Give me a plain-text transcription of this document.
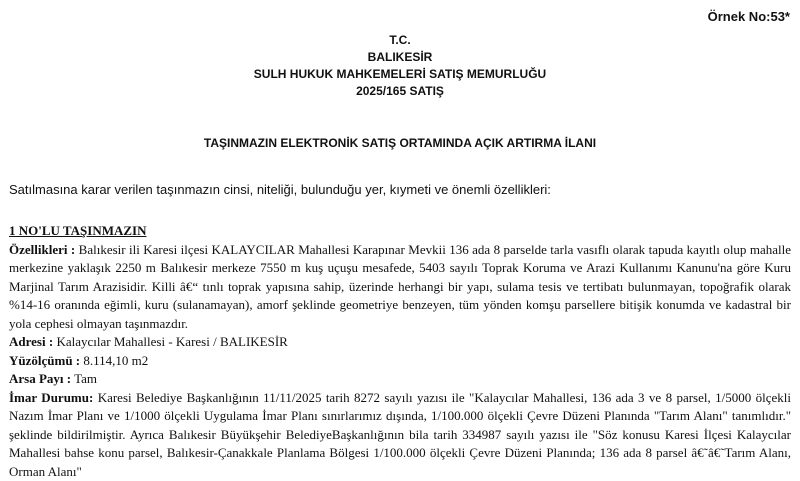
Örnek No:53*
T.C.
BALIKESİR
SULH HUKUK MAHKEMELERİ SATIŞ MEMURLUĞU
2025/165 SATIŞ
TAŞINMAZIN ELEKTRONİK SATIŞ ORTAMINDA AÇIK ARTIRMA İLANI
Satılmasına karar verilen taşınmazın cinsi, niteliği, bulunduğu yer, kıymeti ve önemli özellikleri:

1 NO'LU TAŞINMAZIN

Özellikleri : Balıkesir ili Karesi ilçesi KALAYCILAR Mahallesi Karapınar Mevkii 136 ada 8 parselde tarla vasıflı olarak tapuda kayıtlı olup mahalle merkezine yaklaşık 2250 m Balıkesir merkeze 7550 m kuş uçuşu mesafede, 5403 sayılı Toprak Koruma ve Arazi Kullanımı Kanunu'na göre Kuru Marjinal Tarım Arazisidir. Killi â€“ tınlı toprak yapısına sahip, üzerinde herhangi bir yapı, sulama tesis ve tertibatı bulunmayan, topoğrafik olarak %14-16 oranında eğimli, kuru (sulanamayan), amorf şeklinde geometriye benzeyen, tüm yönden komşu parsellere bitişik konumda ve kadastral bir yola cephesi olmayan taşınmazdır.

Adresi : Kalaycılar Mahallesi - Karesi / BALIKESİR

Yüzölçümü : 8.114,10 m2

Arsa Payı : Tam

İmar Durumu: Karesi Belediye Başkanlığının 11/11/2025 tarih 8272 sayılı yazısı ile "Kalaycılar Mahallesi, 136 ada 3 ve 8 parsel, 1/5000 ölçekli Nazım İmar Planı ve 1/1000 ölçekli Uygulama İmar Planı sınırlarımız dışında, 1/100.000 ölçekli Çevre Düzeni Planında "Tarım Alanı" tanımlıdır." şeklinde bildirilmiştir. Ayrıca Balıkesir Büyükşehir BelediyeBaşkanlığının bila tarih 334987 sayılı yazısı ile "Söz konusu Karesi İlçesi Kalaycılar Mahallesi bahse konu parsel, Balıkesir-Çanakkale Planlama Bölgesi 1/100.000 ölçekli Çevre Düzeni Planında; 136 ada 8 parsel â€˜â€˜Tarım Alanı, Orman Alanı"
